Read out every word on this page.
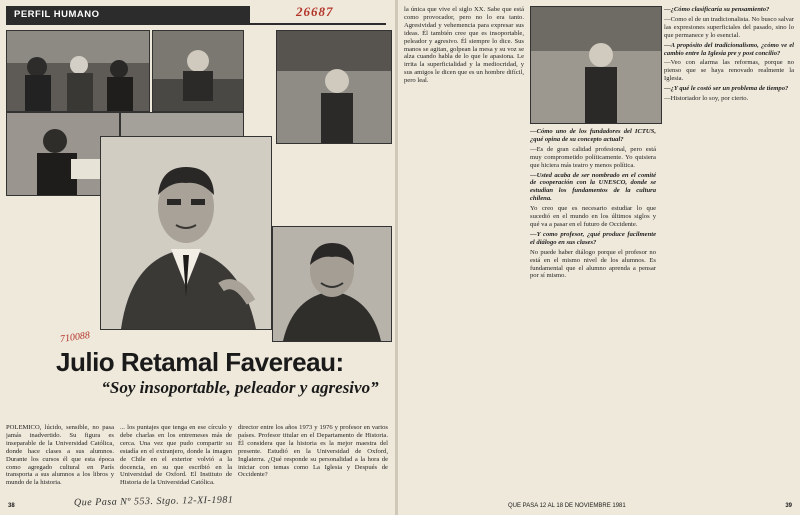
PERFIL HUMANO	26687
710088
Julio Retamal Favereau:
“Soy insoportable, peleador y agresivo”

POLEMICO, lúcido, sensible, no pasa jamás inadvertido. Su figura es inseparable de la Universidad Católica, donde hace clases a sus alumnos. Durante los cursos él que esta época como agregado cultural en París transporta a sus alumnos a los libros y mundo de la historia.

... los puntajes que tenga en ese círculo y debe charlas en los entremeses más de cerca. Una vez que pudo compartir su estadía en el extranjero, donde la imagen de Chile en el exterior volvió a la docencia, en su que escribió en la Universidad de Oxford. El Instituto de Historia de la Universidad Católica.

director entre los años 1973 y 1976 y profesor en varios países. Profesor titular en el Departamento de Historia. Él considera que la historia es la mejor maestra del presente. Estudió en la Universidad de Oxford, Inglaterra. ¿Qué responde su personalidad a la hora de iniciar con temas como La Iglesia y Después de Occidente?

38	Que Pasa Nº 553. Stgo. 12-XI-1981

la única que vive el siglo XX. Sabe que está como provocador, pero no lo era tanto. Agresividad y vehemencia para expresar sus ideas. Él también cree que es insoportable, peleador y agresivo. Él siempre lo dice. Sus manos se agitan, golpean la mesa y su voz se alza cuando habla de lo que le apasiona. Le irrita la superficialidad y la mediocridad, y sus amigos le dicen que es un hombre difícil, pero leal.

—Cómo uno de los fundadores del ICTUS, ¿qué opina de su concepto actual?

—Es de gran calidad profesional, pero está muy comprometido políticamente. Yo quisiera que hiciera más teatro y menos política.

—Usted acaba de ser nombrado en el comité de cooperación con la UNESCO, donde se estudian los fundamentos de la cultura chilena.

Yo creo que es necesario estudiar lo que sucedió en el mundo en los últimos siglos y qué va a pasar en el futuro de Occidente.

—Y como profesor, ¿qué produce facilmente el diálogo en sus clases?

No puede haber diálogo porque el profesor no está en el mismo nivel de los alumnos. Es fundamental que el alumno aprenda a pensar por sí mismo.

—¿Cómo clasificaría su pensamiento?

—Como el de un tradicionalista. No busco salvar las expresiones superficiales del pasado, sino lo que permanece y lo esencial.

—A propósito del tradicionalismo, ¿cómo ve el cambio entre la Iglesia pre y post concilio?

—Veo con alarma las reformas, porque no pienso que se haya renovado realmente la Iglesia.

—¿Y qué le costó ser un problema de tiempo?

—Historiador lo soy, por cierto.

QUE PASA 12 AL 18 DE NOVIEMBRE 1981	39
